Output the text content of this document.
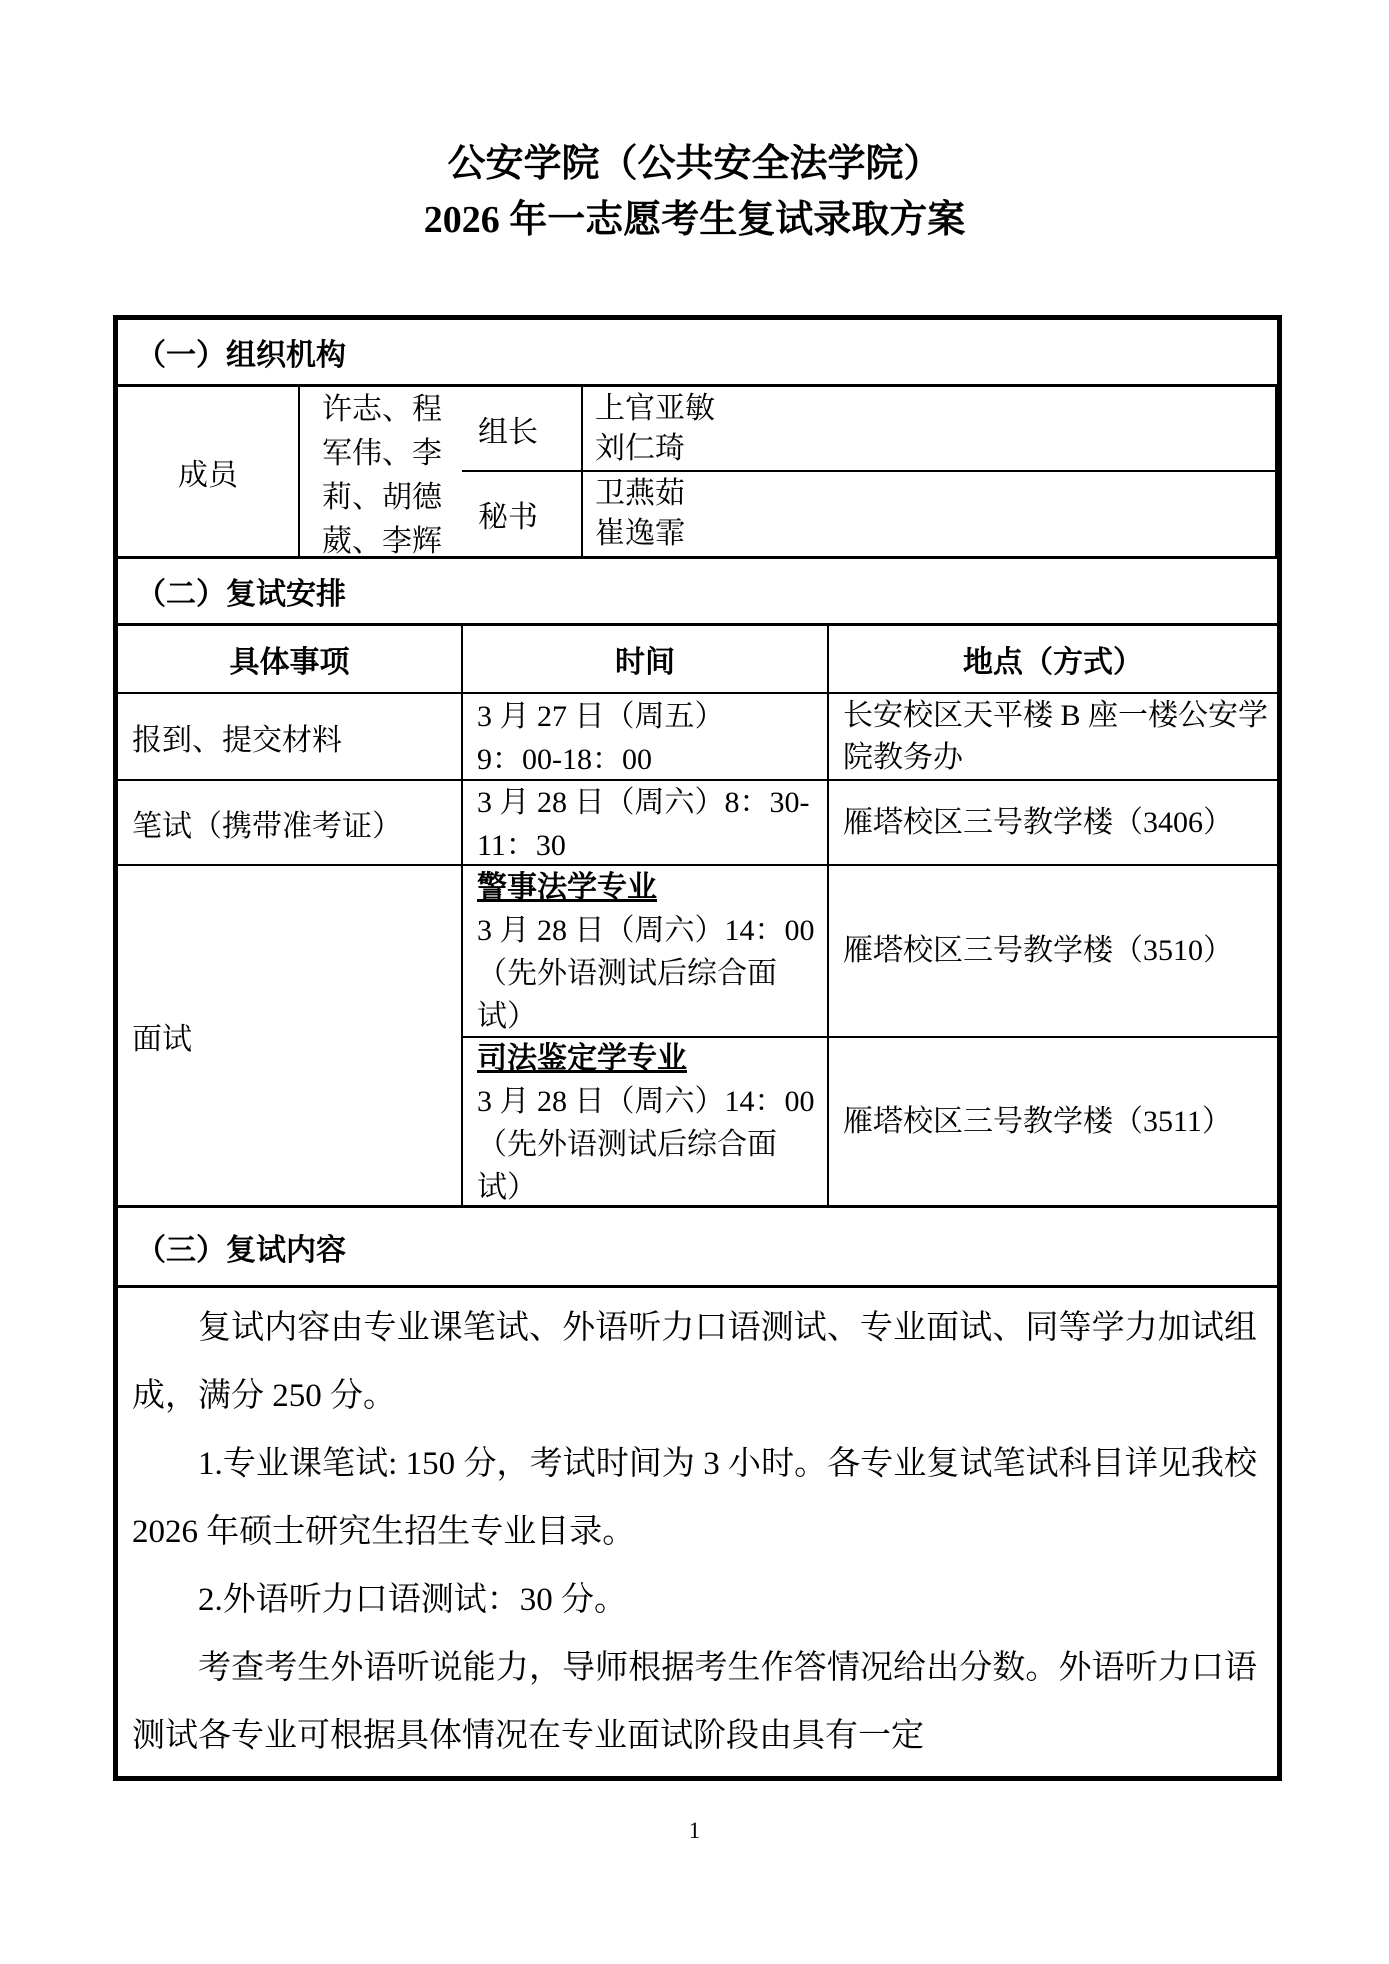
公安学院（公共安全法学院）
2026 年一志愿考生复试录取方案
（一）组织机构
组长
上官亚敏
刘仁琦
成员
许志、程军伟、李莉、胡德葳、李辉
秘书
卫燕茹
崔逸霏
（二）复试安排
具体事项	时间	地点（方式）
报到、提交材料
3 月 27 日（周五）
9：00-18：00
长安校区天平楼 B 座一楼公安学院教务办
笔试（携带准考证）
3 月 28 日（周六）8：30-11：30
雁塔校区三号教学楼（3406）
面试
警事法学专业
3 月 28 日（周六）14：00（先外语测试后综合面试）
雁塔校区三号教学楼（3510）
司法鉴定学专业
3 月 28 日（周六）14：00（先外语测试后综合面试）
雁塔校区三号教学楼（3511）
（三）复试内容

复试内容由专业课笔试、外语听力口语测试、专业面试、同等学力加试组成，满分 250 分。

1.专业课笔试: 150 分，考试时间为 3 小时。各专业复试笔试科目详见我校 2026 年硕士研究生招生专业目录。

2.外语听力口语测试：30 分。

考查考生外语听说能力，导师根据考生作答情况给出分数。外语听力口语测试各专业可根据具体情况在专业面试阶段由具有一定

1
